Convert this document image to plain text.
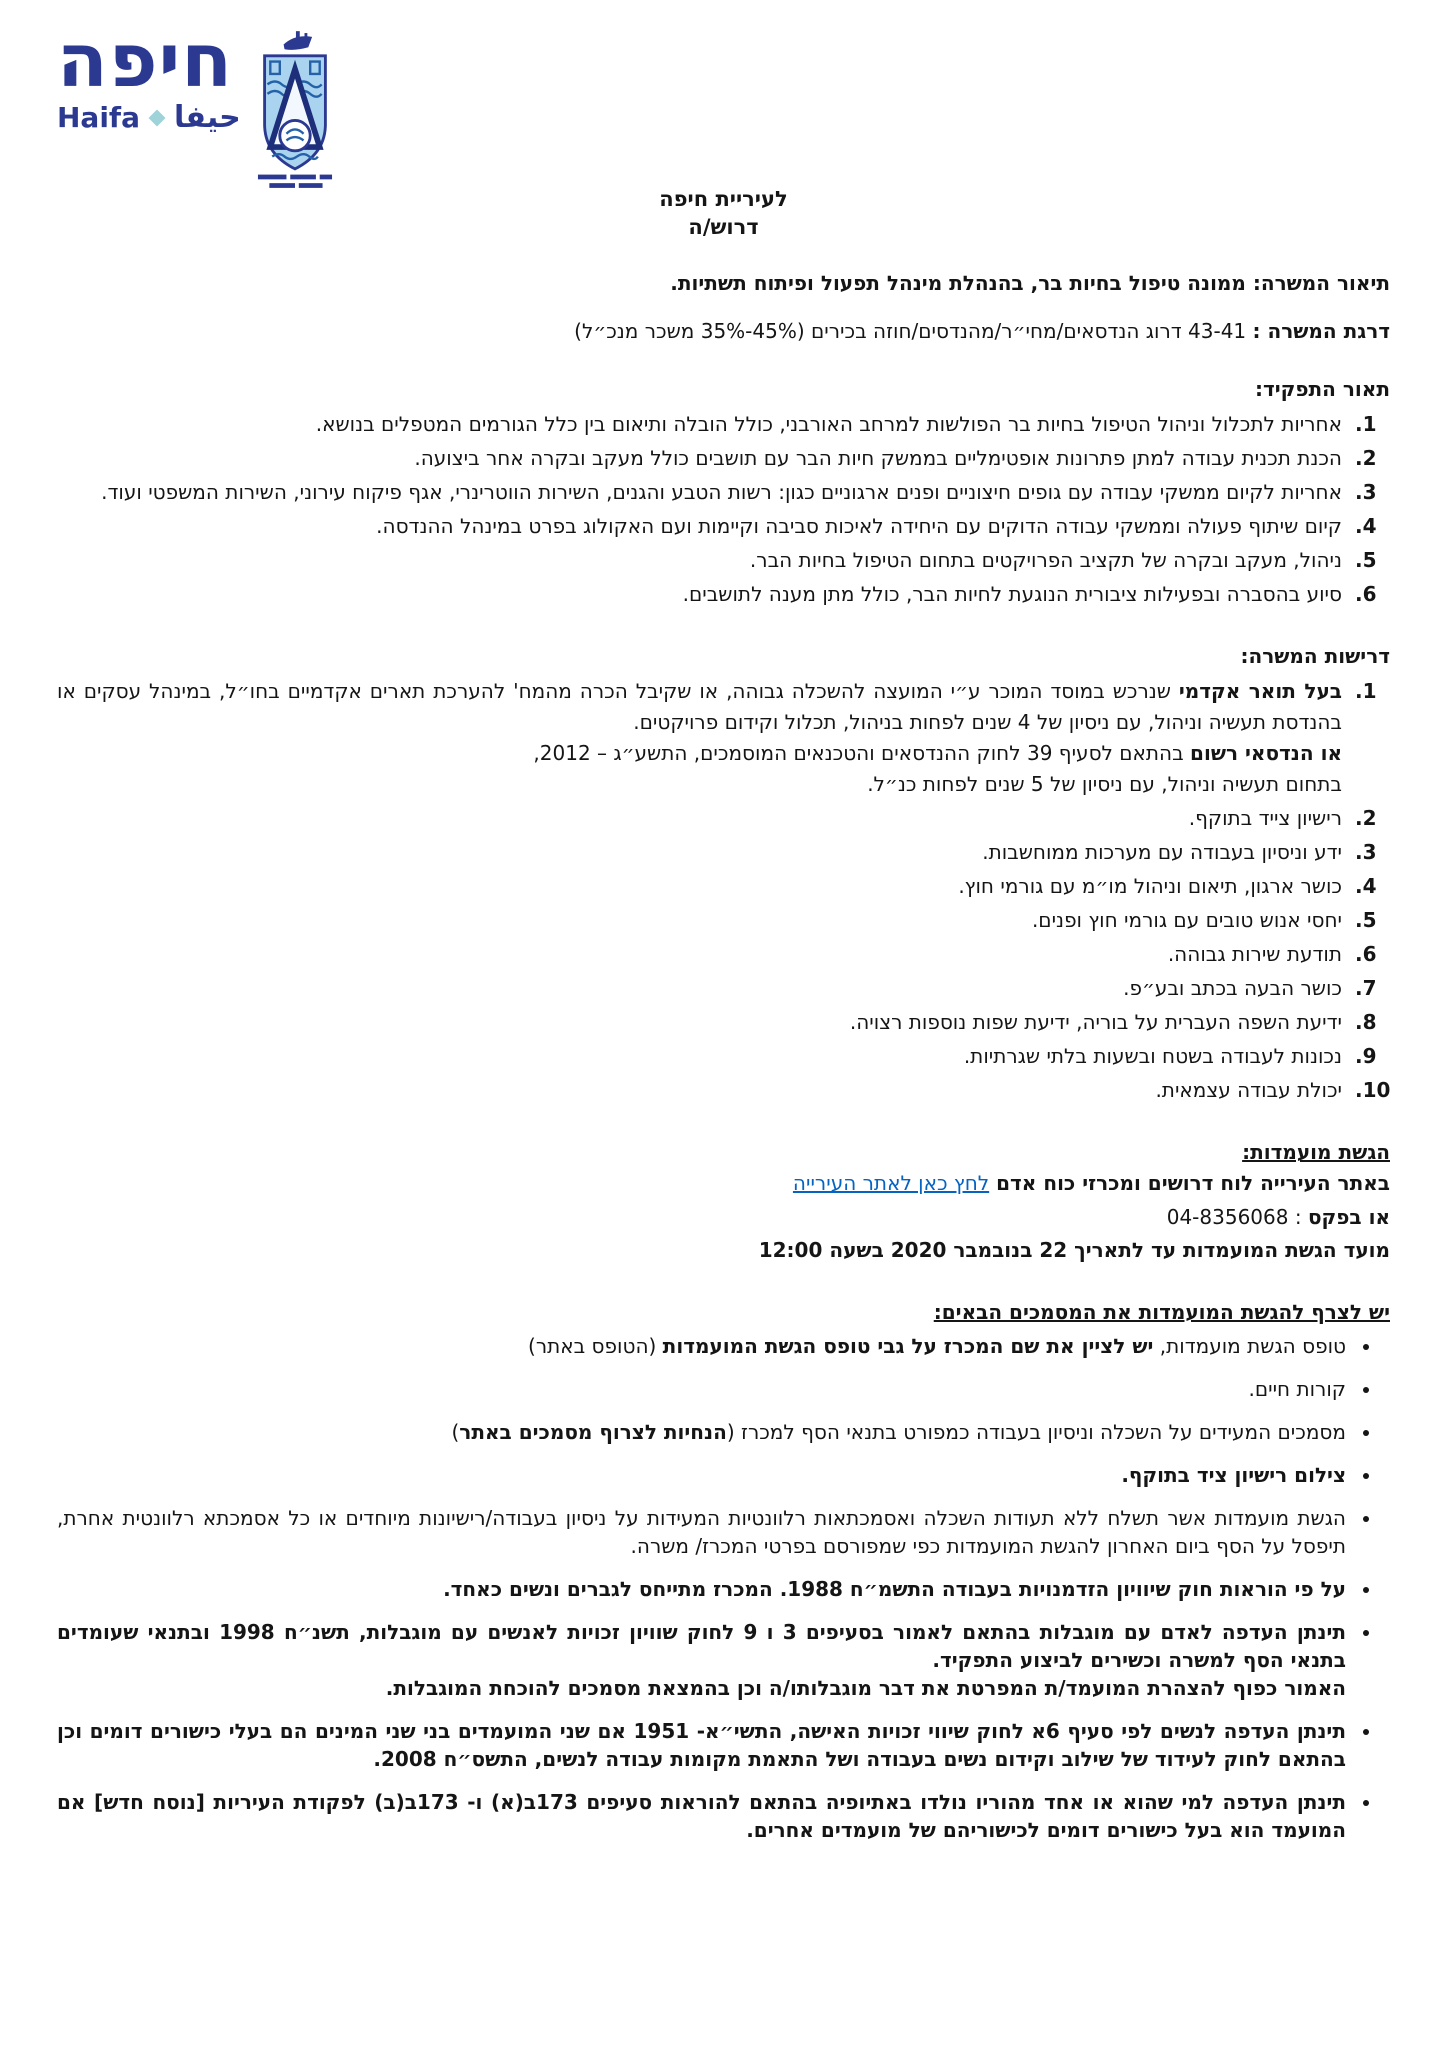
חיפה
Haifa حيفا
לעיריית חיפה
דרוש/ה

תיאור המשרה: ממונה טיפול בחיות בר, בהנהלת מינהל תפעול ופיתוח תשתיות.

דרגת המשרה : 43-41 דרוג הנדסאים/מחי״ר/מהנדסים/חוזה בכירים (45%-35% משכר מנכ״ל)

תאור התפקיד:
1. אחריות לתכלול וניהול הטיפול בחיות בר הפולשות למרחב האורבני, כולל הובלה ותיאום בין כלל הגורמים המטפלים בנושא.
2. הכנת תכנית עבודה למתן פתרונות אופטימליים בממשק חיות הבר עם תושבים כולל מעקב ובקרה אחר ביצועה.
3. אחריות לקיום ממשקי עבודה עם גופים חיצוניים ופנים ארגוניים כגון: רשות הטבע והגנים, השירות הווטרינרי, אגף פיקוח עירוני, השירות המשפטי ועוד.
4. קיום שיתוף פעולה וממשקי עבודה הדוקים עם היחידה לאיכות סביבה וקיימות ועם האקולוג בפרט במינהל ההנדסה.
5. ניהול, מעקב ובקרה של תקציב הפרויקטים בתחום הטיפול בחיות הבר.
6. סיוע בהסברה ובפעילות ציבורית הנוגעת לחיות הבר, כולל מתן מענה לתושבים.
דרישות המשרה:
1. בעל תואר אקדמי שנרכש במוסד המוכר ע״י המועצה להשכלה גבוהה, או שקיבל הכרה מהמח' להערכת תארים אקדמיים בחו״ל, במינהל עסקים או בהנדסת תעשיה וניהול, עם ניסיון של 4 שנים לפחות בניהול, תכלול וקידום פרויקטים.
או הנדסאי רשום בהתאם לסעיף 39 לחוק ההנדסאים והטכנאים המוסמכים, התשע״ג – 2012,
בתחום תעשיה וניהול, עם ניסיון של 5 שנים לפחות כנ״ל.
2. רישיון צייד בתוקף.
3. ידע וניסיון בעבודה עם מערכות ממוחשבות.
4. כושר ארגון, תיאום וניהול מו״מ עם גורמי חוץ.
5. יחסי אנוש טובים עם גורמי חוץ ופנים.
6. תודעת שירות גבוהה.
7. כושר הבעה בכתב ובע״פ.
8. ידיעת השפה העברית על בוריה, ידיעת שפות נוספות רצויה.
9. נכונות לעבודה בשטח ובשעות בלתי שגרתיות.
10. יכולת עבודה עצמאית.
הגשת מועמדות:

באתר העירייה לוח דרושים ומכרזי כוח אדם לחץ כאן לאתר העירייה

או בפקס : 04-8356068

מועד הגשת המועמדות עד לתאריך 22 בנובמבר 2020 בשעה 12:00

יש לצרף להגשת המועמדות את המסמכים הבאים:
• טופס הגשת מועמדות, יש לציין את שם המכרז על גבי טופס הגשת המועמדות (הטופס באתר)
• קורות חיים.
• מסמכים המעידים על השכלה וניסיון בעבודה כמפורט בתנאי הסף למכרז (הנחיות לצרוף מסמכים באתר)
• צילום רישיון ציד בתוקף.
• הגשת מועמדות אשר תשלח ללא תעודות השכלה ואסמכתאות רלוונטיות המעידות על ניסיון בעבודה/רישיונות מיוחדים או כל אסמכתא רלוונטית אחרת, תיפסל על הסף ביום האחרון להגשת המועמדות כפי שמפורסם בפרטי המכרז/ משרה.
• על פי הוראות חוק שיוויון הזדמנויות בעבודה התשמ״ח 1988. המכרז מתייחס לגברים ונשים כאחד.
• תינתן העדפה לאדם עם מוגבלות בהתאם לאמור בסעיפים 3 ו 9 לחוק שוויון זכויות לאנשים עם מוגבלות, תשנ״ח 1998 ובתנאי שעומדים בתנאי הסף למשרה וכשירים לביצוע התפקיד.
האמור כפוף להצהרת המועמד/ת המפרטת את דבר מוגבלותו/ה וכן בהמצאת מסמכים להוכחת המוגבלות.
• תינתן העדפה לנשים לפי סעיף 6א לחוק שיווי זכויות האישה, התשי״א- 1951 אם שני המועמדים בני שני המינים הם בעלי כישורים דומים וכן בהתאם לחוק לעידוד של שילוב וקידום נשים בעבודה ושל התאמת מקומות עבודה לנשים, התשס״ח 2008.
• תינתן העדפה למי שהוא או אחד מהוריו נולדו באתיופיה בהתאם להוראות סעיפים 173ב(א) ו- 173ב(ב) לפקודת העיריות [נוסח חדש] אם המועמד הוא בעל כישורים דומים לכישוריהם של מועמדים אחרים.
